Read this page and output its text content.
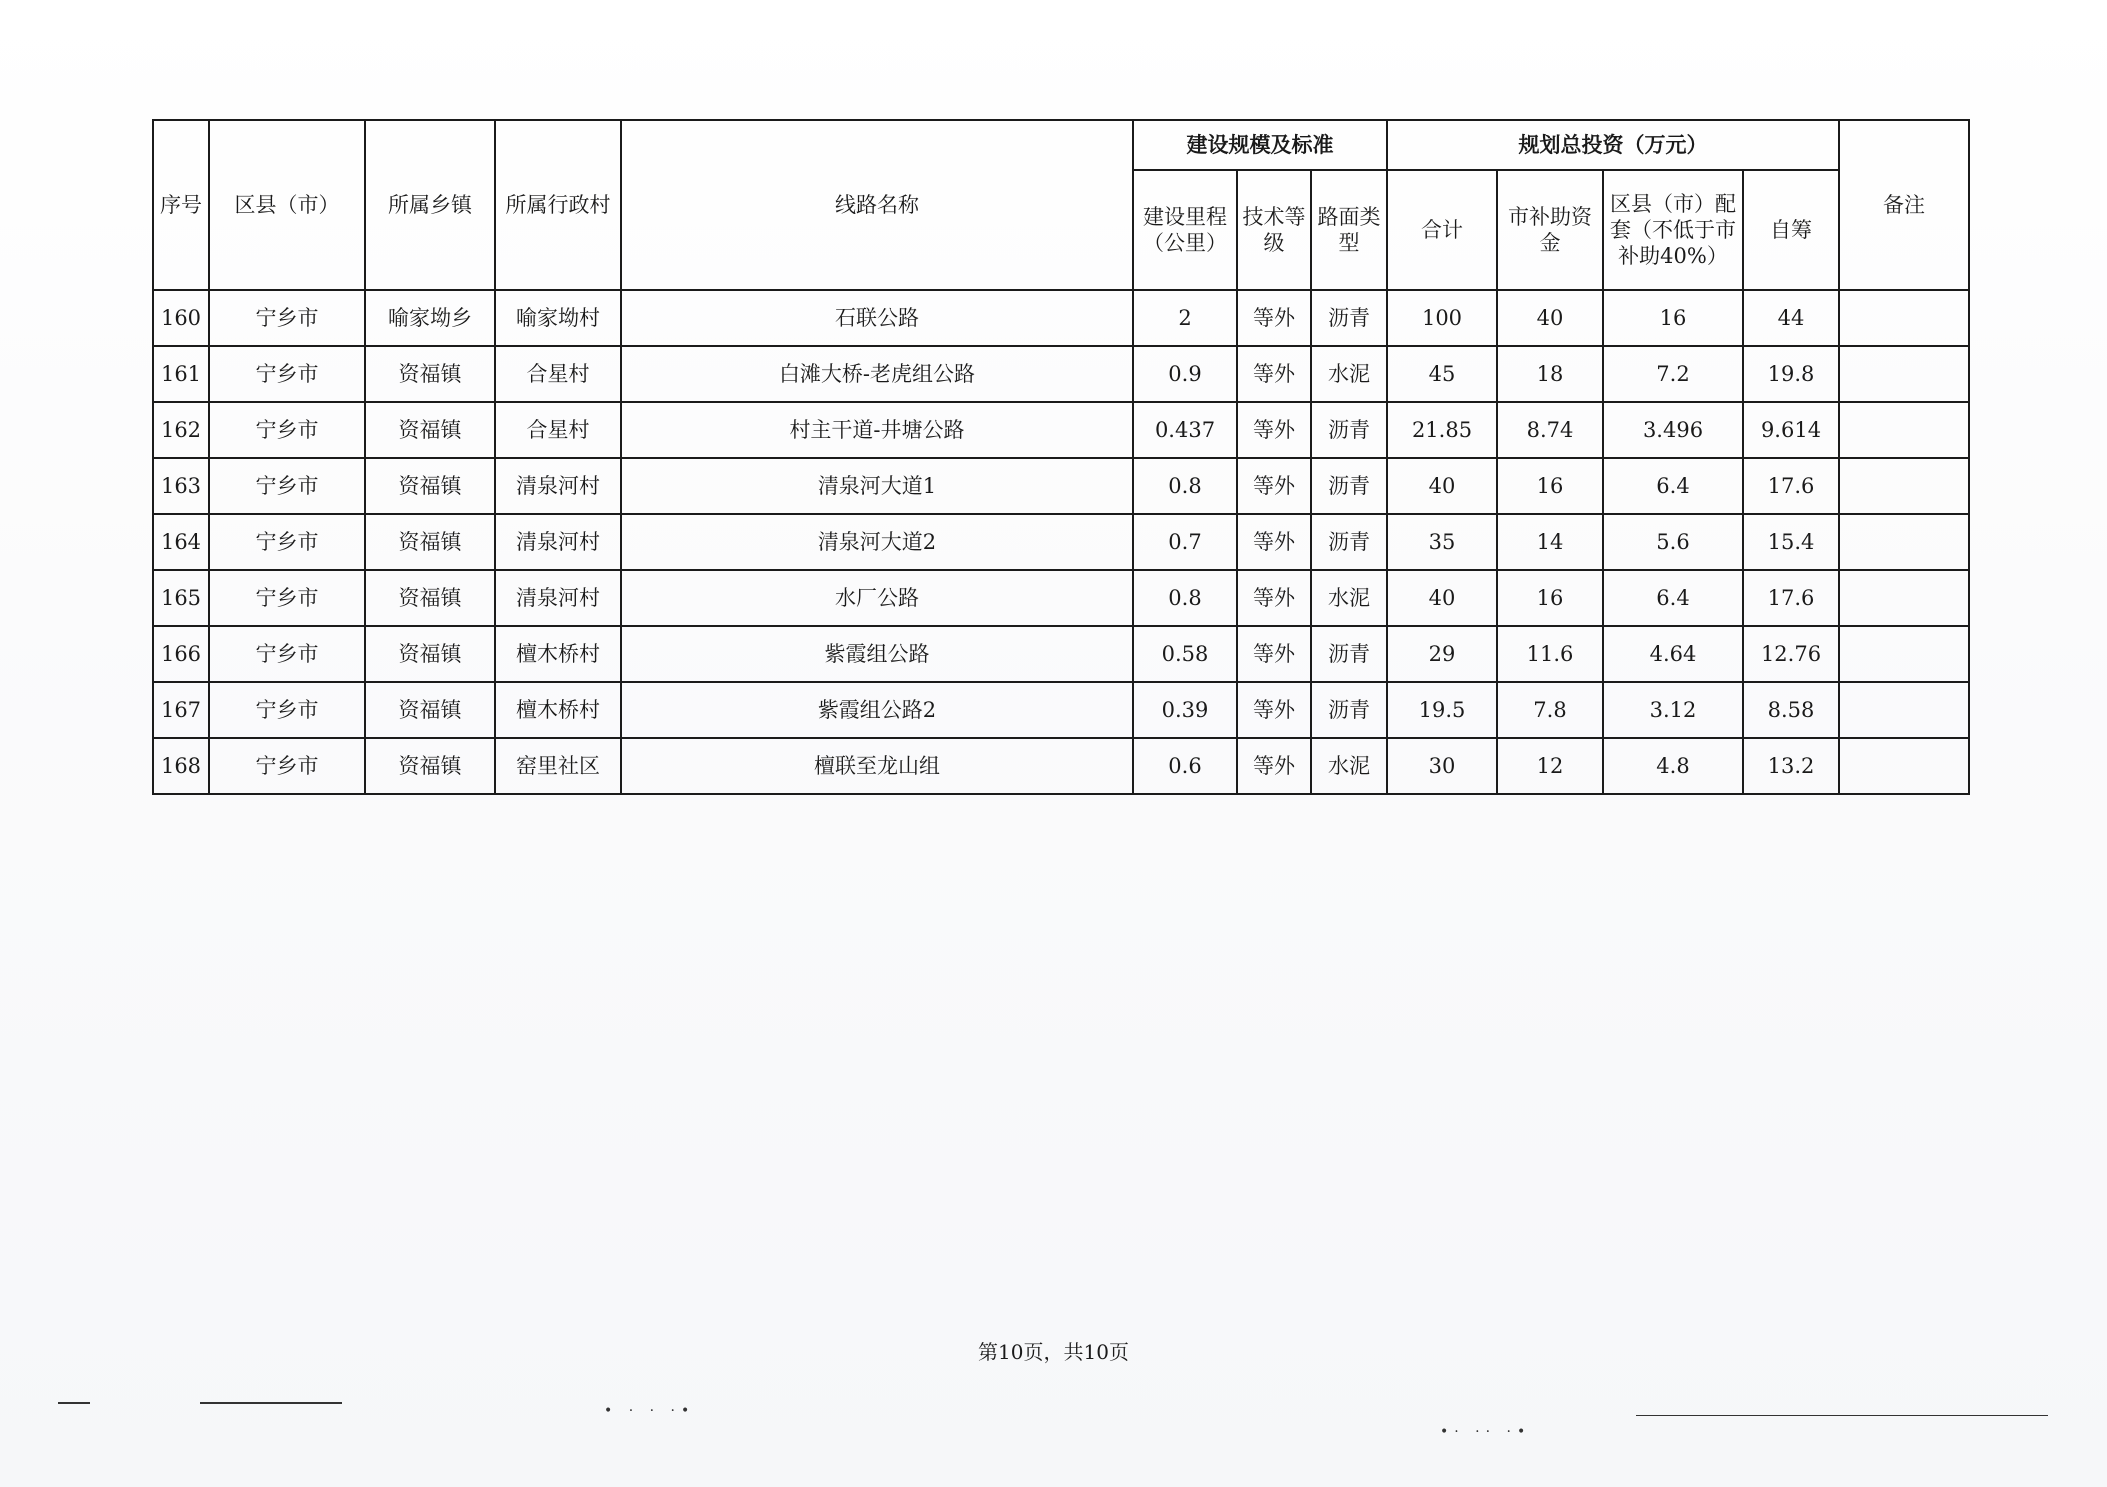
序号	区县（市）	所属乡镇	所属行政村	线路名称	建设规模及标准			规划总投资（万元）				备注
					建设里程（公里）	技术等级	路面类型	合计	市补助资金	区县（市）配套（不低于市补助40%）	自筹	
160	宁乡市	喻家坳乡	喻家坳村	石联公路	2	等外	沥青	100	40	16	44	
161	宁乡市	资福镇	合星村	白滩大桥-老虎组公路	0.9	等外	水泥	45	18	7.2	19.8	
162	宁乡市	资福镇	合星村	村主干道-井塘公路	0.437	等外	沥青	21.85	8.74	3.496	9.614	
163	宁乡市	资福镇	清泉河村	清泉河大道1	0.8	等外	沥青	40	16	6.4	17.6	
164	宁乡市	资福镇	清泉河村	清泉河大道2	0.7	等外	沥青	35	14	5.6	15.4	
165	宁乡市	资福镇	清泉河村	水厂公路	0.8	等外	水泥	40	16	6.4	17.6	
166	宁乡市	资福镇	檀木桥村	紫霞组公路	0.58	等外	沥青	29	11.6	4.64	12.76	
167	宁乡市	资福镇	檀木桥村	紫霞组公路2	0.39	等外	沥青	19.5	7.8	3.12	8.58	
168	宁乡市	资福镇	窑里社区	檀联至龙山组	0.6	等外	水泥	30	12	4.8	13.2	
第10页，共10页
• · · ·•
•· ·· ·•
